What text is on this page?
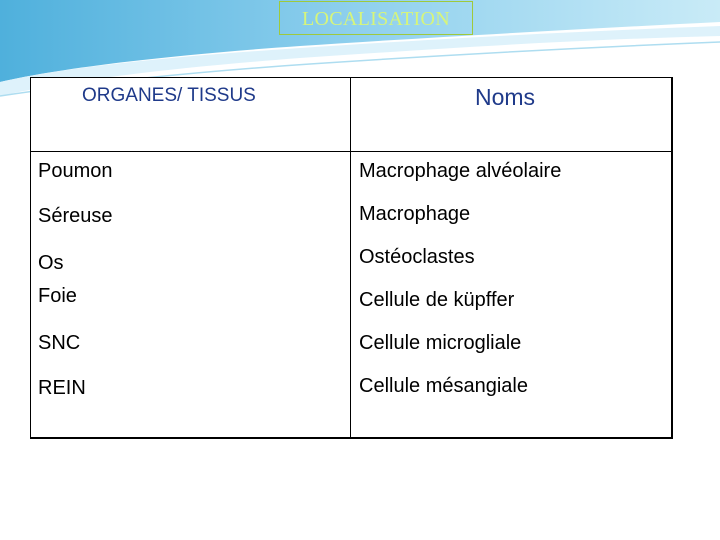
LOCALISATION
ORGANES/ TISSUS	Noms
Poumon	Macrophage alvéolaire
Séreuse	Macrophage
Os	Ostéoclastes
Foie	Cellule de küpffer
SNC	Cellule microgliale
REIN	Cellule mésangiale
